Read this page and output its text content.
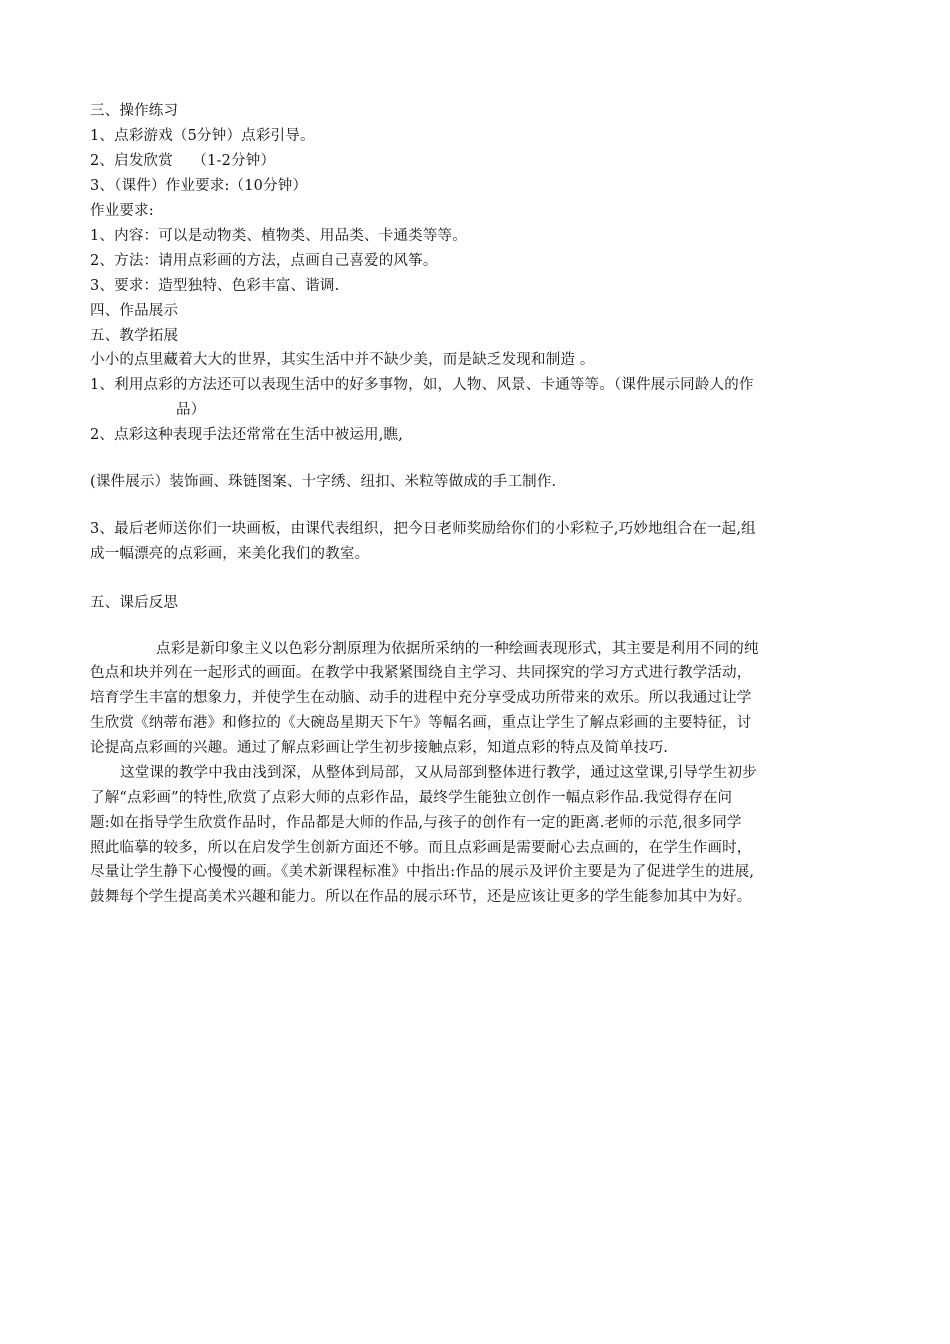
三、操作练习
1、点彩游戏（5分钟）点彩引导。
2、启发欣赏　 （1-2分钟）
3、（课件）作业要求:（10分钟）
作业要求:
1、内容：可以是动物类、植物类、用品类、卡通类等等。
2、方法：请用点彩画的方法，点画自己喜爱的风筝。
3、要求：造型独特、色彩丰富、谐调.
四、作品展示
五、教学拓展
小小的点里藏着大大的世界，其实生活中并不缺少美，而是缺乏发现和制造 。
1、利用点彩的方法还可以表现生活中的好多事物，如，人物、风景、卡通等等。（课件展示同龄人的作
品）
2、点彩这种表现手法还常常在生活中被运用,瞧,
(课件展示）装饰画、珠链图案、十字绣、纽扣、米粒等做成的手工制作.
3、最后老师送你们一块画板，由课代表组织，把今日老师奖励给你们的小彩粒子,巧妙地组合在一起,组
成一幅漂亮的点彩画，来美化我们的教室。
五、课后反思
点彩是新印象主义以色彩分割原理为依据所采纳的一种绘画表现形式，其主要是利用不同的纯
色点和块并列在一起形式的画面。在教学中我紧紧围绕自主学习、共同探究的学习方式进行教学活动，
培育学生丰富的想象力，并使学生在动脑、动手的进程中充分享受成功所带来的欢乐。所以我通过让学
生欣赏《纳蒂布港》和修拉的《大碗岛星期天下午》等幅名画，重点让学生了解点彩画的主要特征，讨
论提高点彩画的兴趣。通过了解点彩画让学生初步接触点彩，知道点彩的特点及简单技巧.
这堂课的教学中我由浅到深，从整体到局部，又从局部到整体进行教学，通过这堂课,引导学生初步
了解“点彩画”的特性,欣赏了点彩大师的点彩作品，最终学生能独立创作一幅点彩作品.我觉得存在问
题:如在指导学生欣赏作品时，作品都是大师的作品,与孩子的创作有一定的距离.老师的示范,很多同学
照此临摹的较多，所以在启发学生创新方面还不够。而且点彩画是需要耐心去点画的，在学生作画时，
尽量让学生静下心慢慢的画。《美术新课程标准》中指出:作品的展示及评价主要是为了促进学生的进展,
鼓舞每个学生提高美术兴趣和能力。所以在作品的展示环节，还是应该让更多的学生能参加其中为好。
